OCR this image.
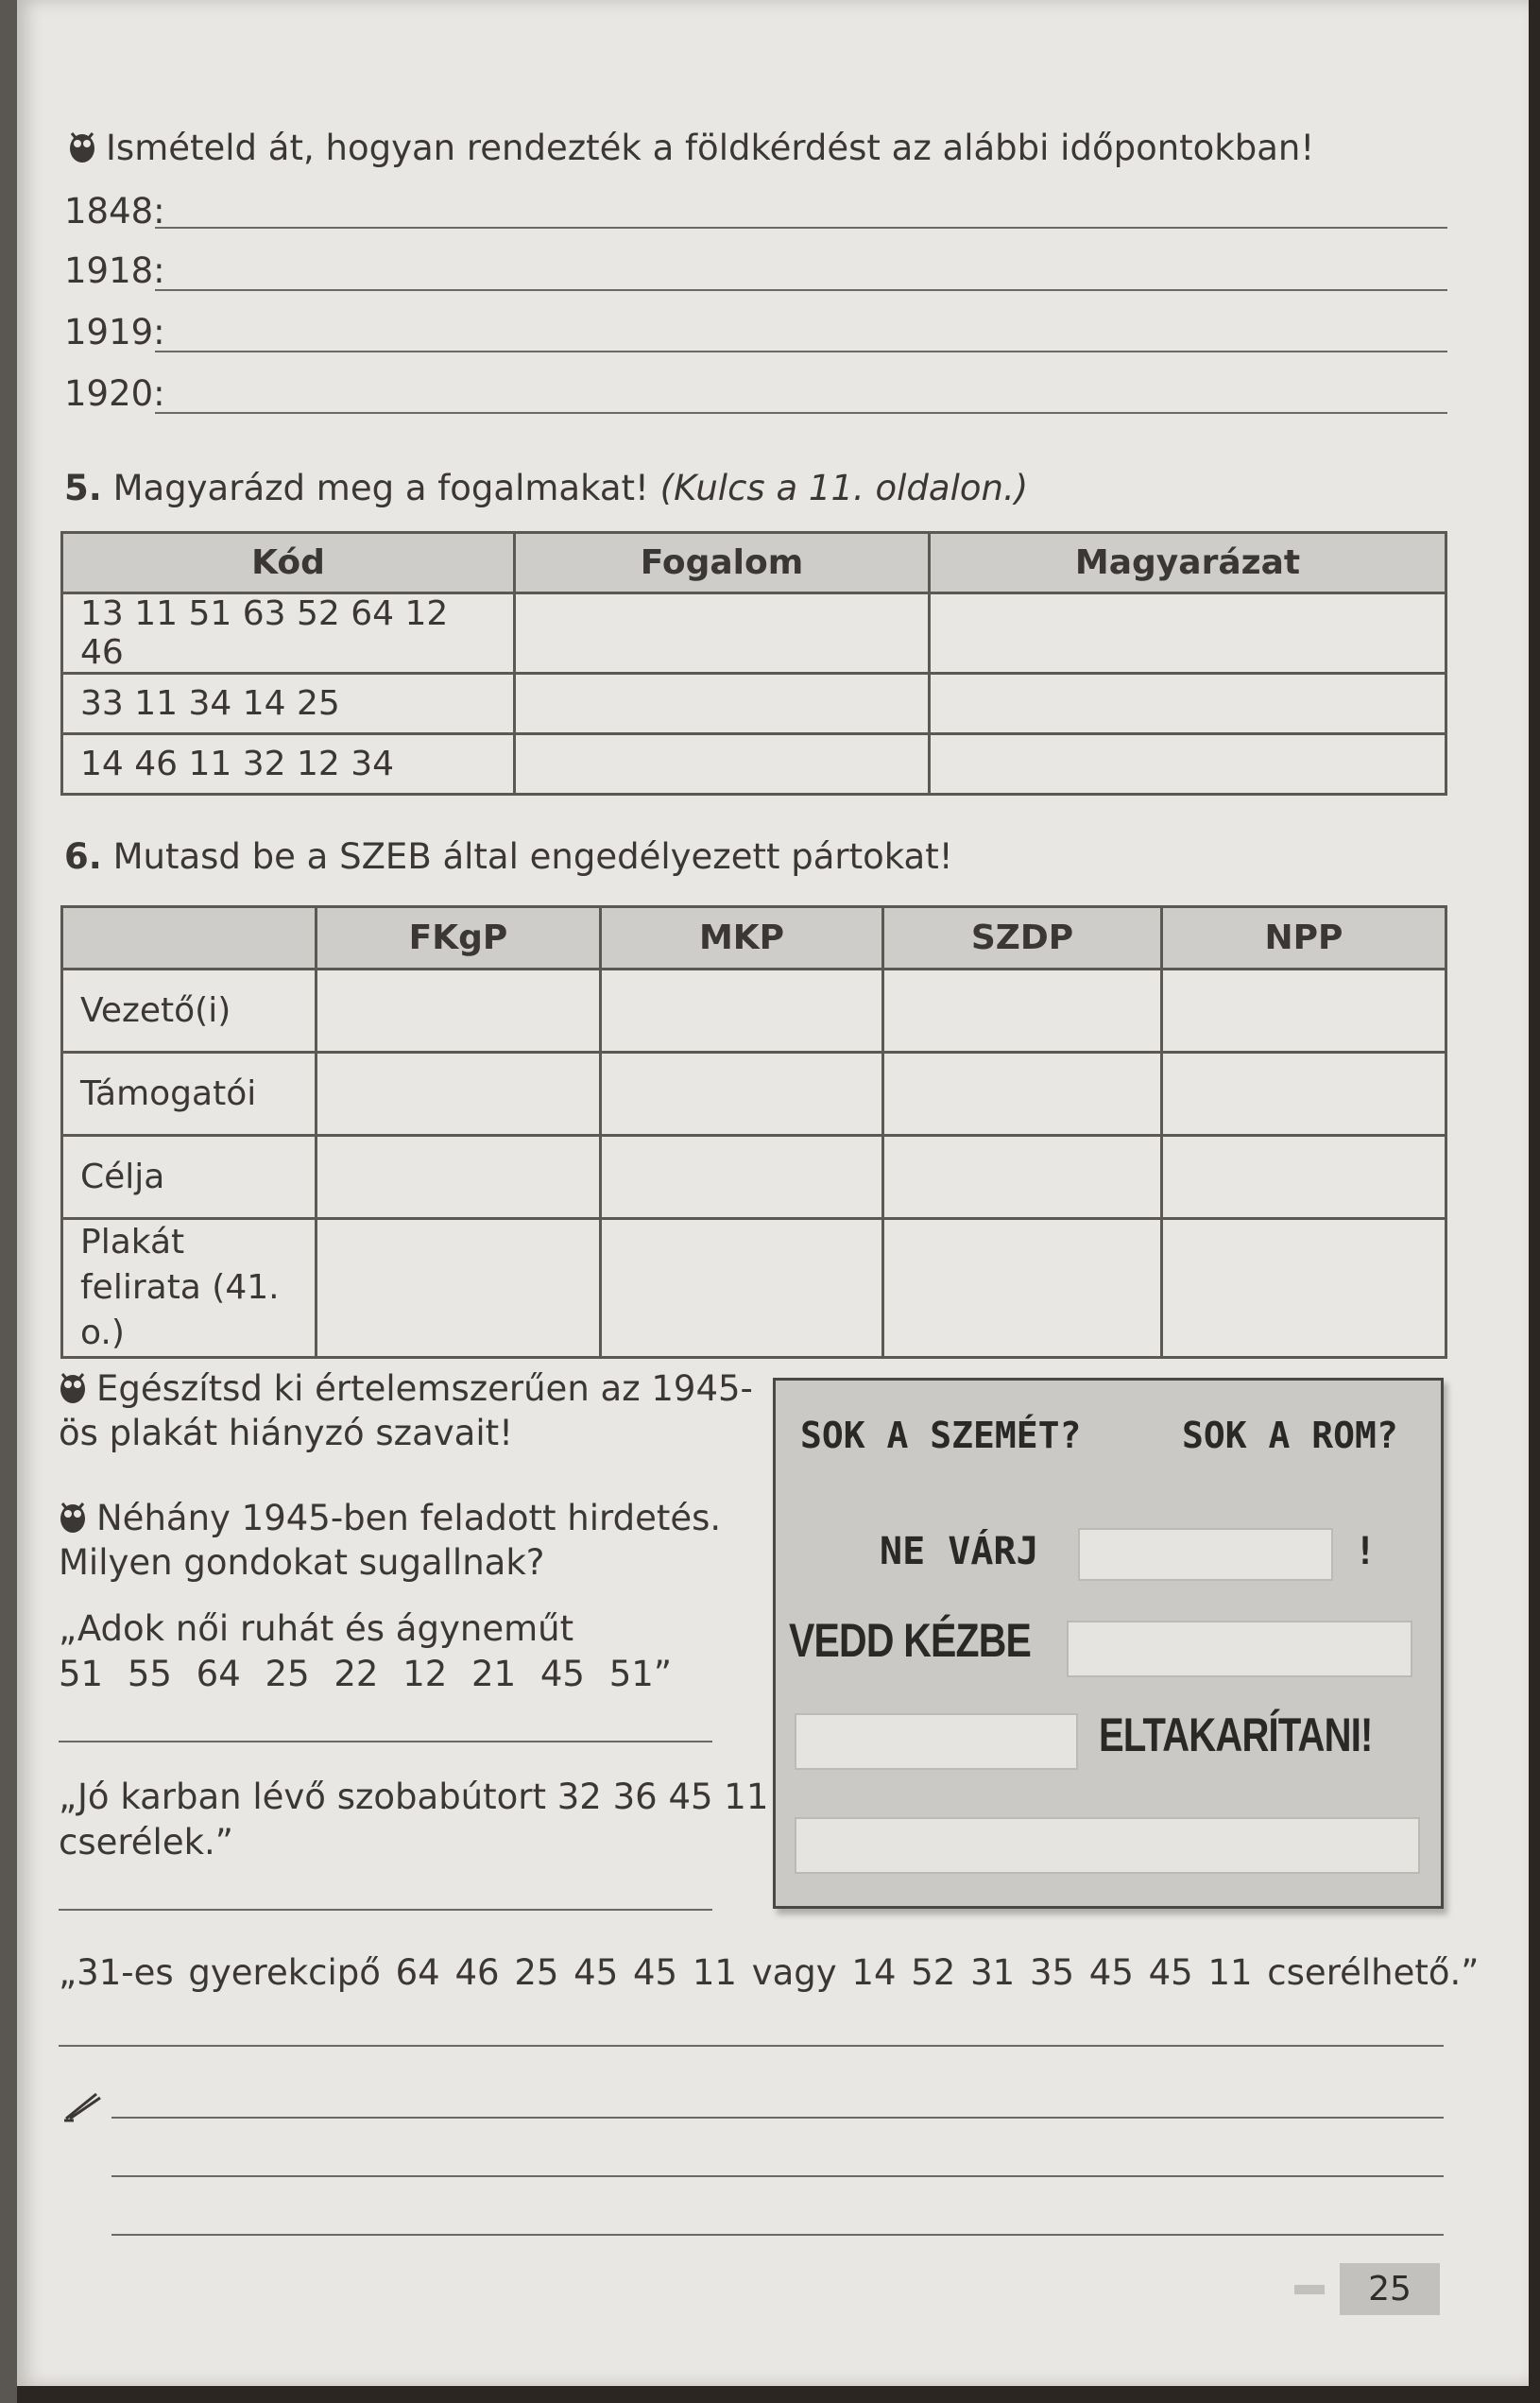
Ismételd át, hogyan rendezték a földkérdést az alábbi időpontokban!
1848:
1918:
1919:
1920:
5. Magyarázd meg a fogalmakat! (Kulcs a 11. oldalon.)
Kód	Fogalom	Magyarázat
13 11 51 63 52 64 12 46		
33 11 34 14 25		
14 46 11 32 12 34		
6. Mutasd be a SZEB által engedélyezett pártokat!
	FKgP	MKP	SZDP	NPP
Vezető(i)				
Támogatói				
Célja				
Plakát felirata (41. o.)				
Egészítsd ki értelemszerűen az 1945-
ös plakát hiányzó szavait!
Néhány 1945-ben feladott hirdetés.
Milyen gondokat sugallnak?
„Adok női ruhát és ágyneműt
51 55 64 25 22 12 21 45 51”
„Jó karban lévő szobabútort 32 36 45 11
cserélek.”
„31-es gyerekcipő 64 46 25 45 45 11 vagy 14 52 31 35 45 45 11 cserélhető.”
SOK A SZEMÉT?	SOK A ROM?
NE VÁRJ	!
VEDD KÉZBE
ELTAKARÍTANI!
25
